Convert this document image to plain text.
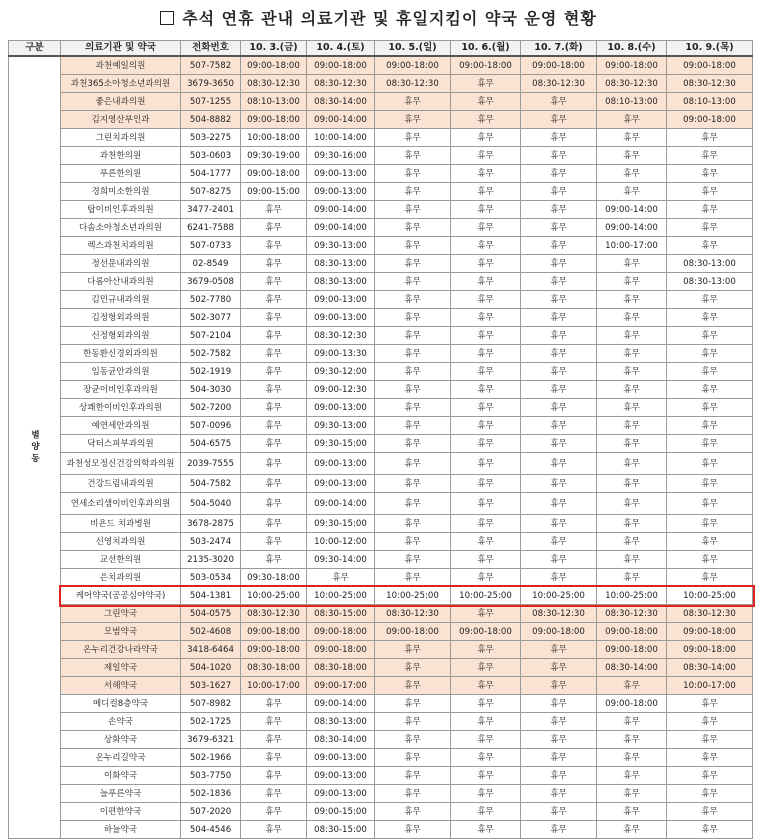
추석 연휴 관내 의료기관 및 휴일지킴이 약국 운영 현황
구분	의료기관 및 약국	전화번호	10. 3.(금)	10. 4.(토)	10. 5.(일)	10. 6.(월)	10. 7.(화)	10. 8.(수)	10. 9.(목)
별양동	과천예일의원	507-7582	09:00-18:00	09:00-18:00	09:00-18:00	09:00-18:00	09:00-18:00	09:00-18:00	09:00-18:00
	과천365소아청소년과의원	3679-3650	08:30-12:30	08:30-12:30	08:30-12:30	휴무	08:30-12:30	08:30-12:30	08:30-12:30
	좋은내과의원	507-1255	08:10-13:00	08:30-14:00	휴무	휴무	휴무	08:10-13:00	08:10-13:00
	김지영산부인과	504-8882	09:00-18:00	09:00-14:00	휴무	휴무	휴무	휴무	09:00-18:00
	그린치과의원	503-2275	10:00-18:00	10:00-14:00	휴무	휴무	휴무	휴무	휴무
	과천한의원	503-0603	09:30-19:00	09:30-16:00	휴무	휴무	휴무	휴무	휴무
	푸른한의원	504-1777	09:00-18:00	09:00-13:00	휴무	휴무	휴무	휴무	휴무
	경희미소한의원	507-8275	09:00-15:00	09:00-13:00	휴무	휴무	휴무	휴무	휴무
	탑이비인후과의원	3477-2401	휴무	09:00-14:00	휴무	휴무	휴무	09:00-14:00	휴무
	다솜소아청소년과의원	6241-7588	휴무	09:00-14:00	휴무	휴무	휴무	09:00-14:00	휴무
	렉스과천치과의원	507-0733	휴무	09:30-13:00	휴무	휴무	휴무	10:00-17:00	휴무
	정선문내과의원	02-8549	휴무	08:30-13:00	휴무	휴무	휴무	휴무	08:30-13:00
	다롬아산내과의원	3679-0508	휴무	08:30-13:00	휴무	휴무	휴무	휴무	08:30-13:00
	김민규내과의원	502-7780	휴무	09:00-13:00	휴무	휴무	휴무	휴무	휴무
	김정형외과의원	502-3077	휴무	09:00-13:00	휴무	휴무	휴무	휴무	휴무
	신정형외과의원	507-2104	휴무	08:30-12:30	휴무	휴무	휴무	휴무	휴무
	한동환신경외과의원	502-7582	휴무	09:00-13:30	휴무	휴무	휴무	휴무	휴무
	임동균안과의원	502-1919	휴무	09:30-12:00	휴무	휴무	휴무	휴무	휴무
	장균이비인후과의원	504-3030	휴무	09:00-12:30	휴무	휴무	휴무	휴무	휴무
	상쾌한이비인후과의원	502-7200	휴무	09:00-13:00	휴무	휴무	휴무	휴무	휴무
	예연세안과의원	507-0096	휴무	09:30-13:00	휴무	휴무	휴무	휴무	휴무
	닥터스피부과의원	504-6575	휴무	09:30-15:00	휴무	휴무	휴무	휴무	휴무
	과천성모정신건강의학과의원	2039-7555	휴무	09:00-13:00	휴무	휴무	휴무	휴무	휴무
	건강드림내과의원	504-7582	휴무	09:00-13:00	휴무	휴무	휴무	휴무	휴무
	연세소리샘이비인후과의원	504-5040	휴무	09:00-14:00	휴무	휴무	휴무	휴무	휴무
	비욘드 치과병원	3678-2875	휴무	09:30-15:00	휴무	휴무	휴무	휴무	휴무
	신영치과의원	503-2474	휴무	10:00-12:00	휴무	휴무	휴무	휴무	휴무
	교선한의원	2135-3020	휴무	09:30-14:00	휴무	휴무	휴무	휴무	휴무
	은치과의원	503-0534	09:30-18:00	휴무	휴무	휴무	휴무	휴무	휴무
	케어약국(공공심야약국)	504-1381	10:00-25:00	10:00-25:00	10:00-25:00	10:00-25:00	10:00-25:00	10:00-25:00	10:00-25:00
	그린약국	504-0575	08:30-12:30	08:30-15:00	08:30-12:30	휴무	08:30-12:30	08:30-12:30	08:30-12:30
	모범약국	502-4608	09:00-18:00	09:00-18:00	09:00-18:00	09:00-18:00	09:00-18:00	09:00-18:00	09:00-18:00
	온누리건강나라약국	3418-6464	09:00-18:00	09:00-18:00	휴무	휴무	휴무	09:00-18:00	09:00-18:00
	제일약국	504-1020	08:30-18:00	08:30-18:00	휴무	휴무	휴무	08:30-14:00	08:30-14:00
	서해약국	503-1627	10:00-17:00	09:00-17:00	휴무	휴무	휴무	휴무	10:00-17:00
	메디컬8층약국	507-8982	휴무	09:00-14:00	휴무	휴무	휴무	09:00-18:00	휴무
	손약국	502-1725	휴무	08:30-13:00	휴무	휴무	휴무	휴무	휴무
	상화약국	3679-6321	휴무	08:30-14:00	휴무	휴무	휴무	휴무	휴무
	온누리길약국	502-1966	휴무	09:00-13:00	휴무	휴무	휴무	휴무	휴무
	이화약국	503-7750	휴무	09:00-13:00	휴무	휴무	휴무	휴무	휴무
	늘푸른약국	502-1836	휴무	09:00-13:00	휴무	휴무	휴무	휴무	휴무
	이편한약국	507-2020	휴무	09:00-15:00	휴무	휴무	휴무	휴무	휴무
	하늘약국	504-4546	휴무	08:30-15:00	휴무	휴무	휴무	휴무	휴무
